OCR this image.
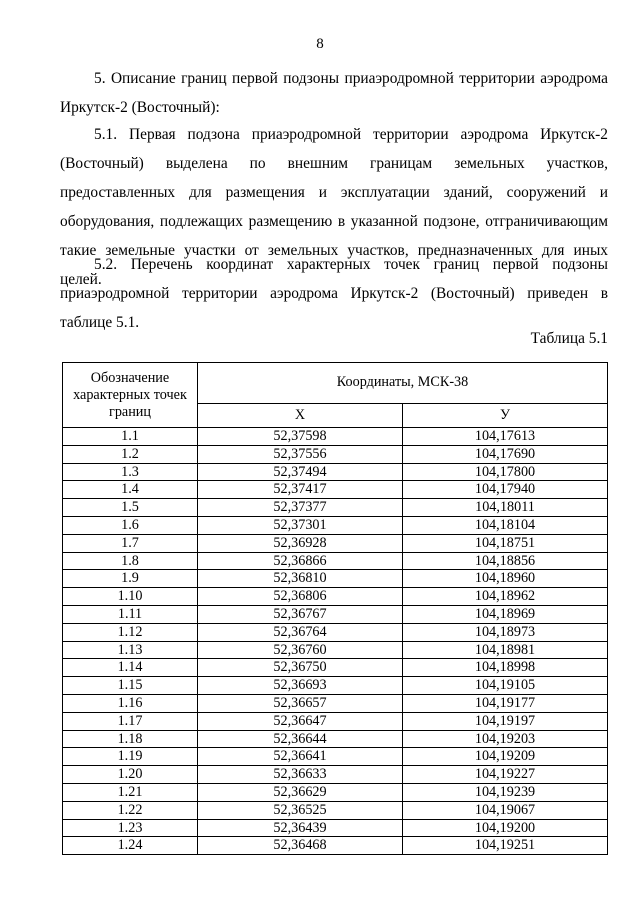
8

5. Описание границ первой подзоны приаэродромной территории аэродрома Иркутск-2 (Восточный):

5.1. Первая подзона приаэродромной территории аэродрома Иркутск-2 (Восточный) выделена по внешним границам земельных участков, предоставленных для размещения и эксплуатации зданий, сооружений и оборудования, подлежащих размещению в указанной подзоне, отграничивающим такие земельные участки от земельных участков, предназначенных для иных целей.

5.2. Перечень координат характерных точек границ первой подзоны приаэродромной территории аэродрома Иркутск-2 (Восточный) приведен в таблице 5.1.

Таблица 5.1
Обозначение характерных точек границ	Координаты, МСК-38	
	X	У
1.1	52,37598	104,17613
1.2	52,37556	104,17690
1.3	52,37494	104,17800
1.4	52,37417	104,17940
1.5	52,37377	104,18011
1.6	52,37301	104,18104
1.7	52,36928	104,18751
1.8	52,36866	104,18856
1.9	52,36810	104,18960
1.10	52,36806	104,18962
1.11	52,36767	104,18969
1.12	52,36764	104,18973
1.13	52,36760	104,18981
1.14	52,36750	104,18998
1.15	52,36693	104,19105
1.16	52,36657	104,19177
1.17	52,36647	104,19197
1.18	52,36644	104,19203
1.19	52,36641	104,19209
1.20	52,36633	104,19227
1.21	52,36629	104,19239
1.22	52,36525	104,19067
1.23	52,36439	104,19200
1.24	52,36468	104,19251
